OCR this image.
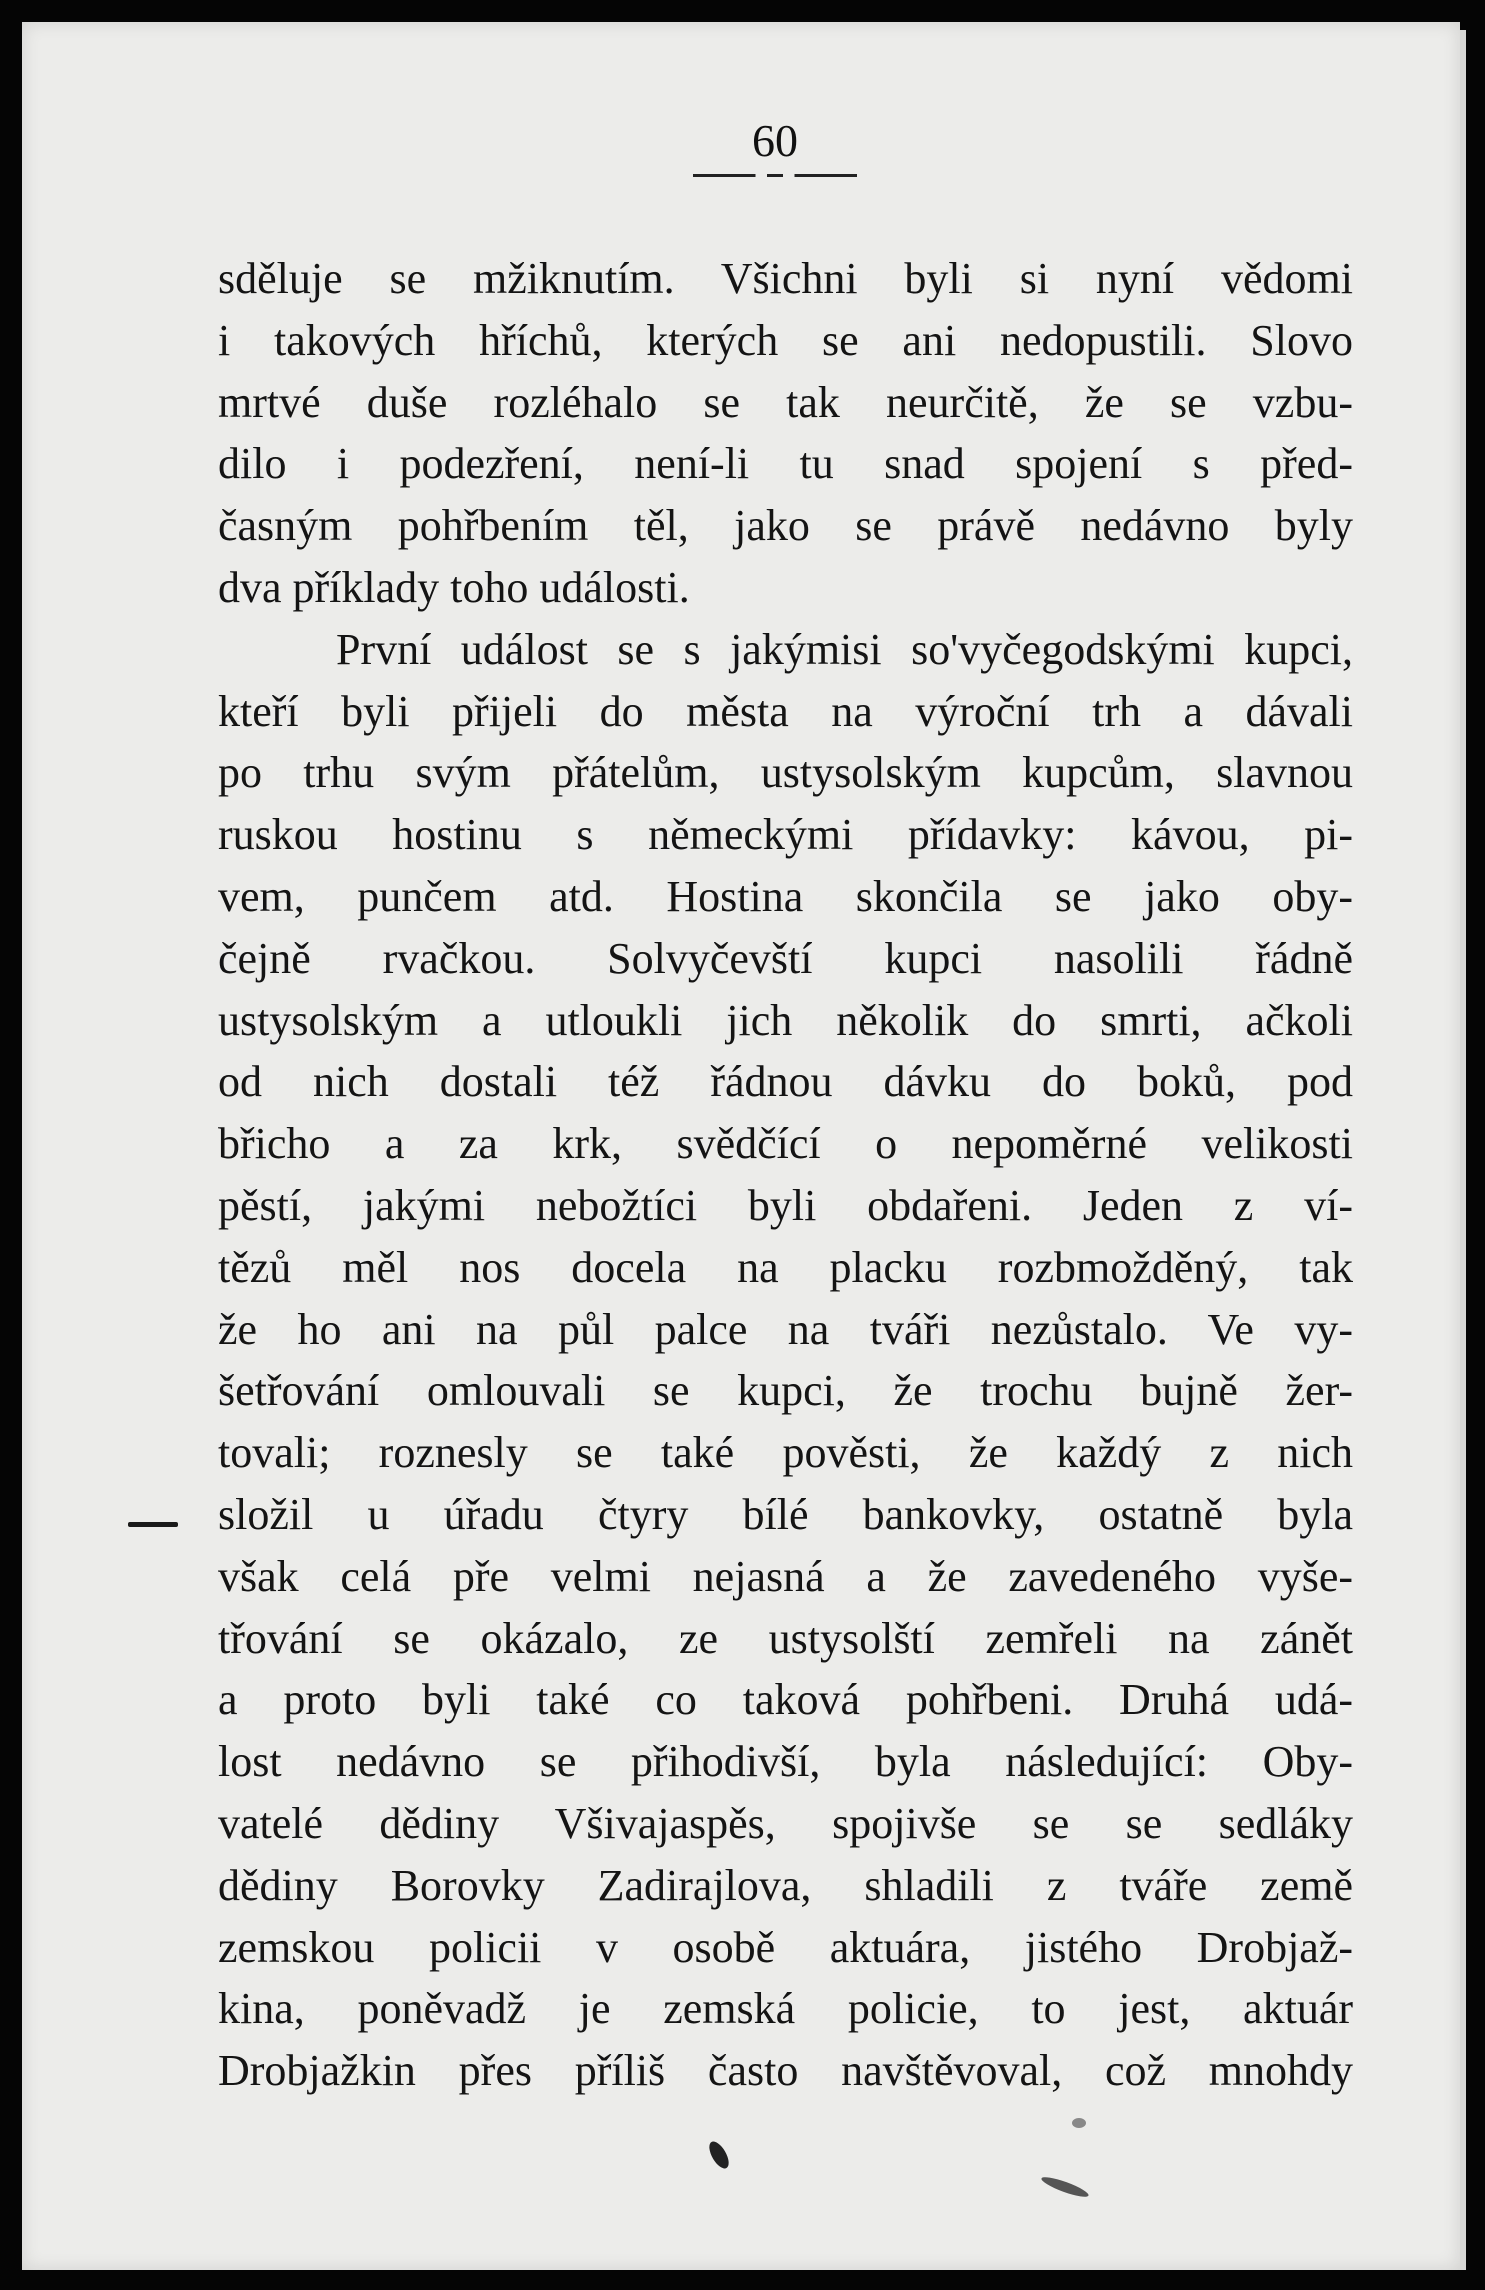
60
sděluje se mžiknutím. Všichni byli si nyní vědomi
i takových hříchů, kterých se ani nedopustili. Slovo
mrtvé duše rozléhalo se tak neurčitě, že se vzbu-
dilo i podezření, není-li tu snad spojení s před-
časným pohřbením těl, jako se právě nedávno byly
dva příklady toho události.
První událost se s jakýmisi so'vyčegodskými kupci,
kteří byli přijeli do města na výroční trh a dávali
po trhu svým přátelům, ustysolským kupcům, slavnou
ruskou hostinu s německými přídavky: kávou, pi-
vem, punčem atd. Hostina skončila se jako oby-
čejně rvačkou. Solvyčevští kupci nasolili řádně
ustysolským a utloukli jich několik do smrti, ačkoli
od nich dostali též řádnou dávku do boků, pod
břicho a za krk, svědčící o nepoměrné velikosti
pěstí, jakými nebožtíci byli obdařeni. Jeden z ví-
tězů měl nos docela na placku rozbmožděný, tak
že ho ani na půl palce na tváři nezůstalo. Ve vy-
šetřování omlouvali se kupci, že trochu bujně žer-
tovali; roznesly se také pověsti, že každý z nich
složil u úřadu čtyry bílé bankovky, ostatně byla
však celá pře velmi nejasná a že zavedeného vyše-
třování se okázalo, ze ustysolští zemřeli na zánět
a proto byli také co taková pohřbeni. Druhá udá-
lost nedávno se přihodivší, byla následující: Oby-
vatelé dědiny Všivajaspěs, spojivše se se sedláky
dědiny Borovky Zadirajlova, shladili z tváře země
zemskou policii v osobě aktuára, jistého Drobjaž-
kina, poněvadž je zemská policie, to jest, aktuár
Drobjažkin přes příliš často navštěvoval, což mnohdy
